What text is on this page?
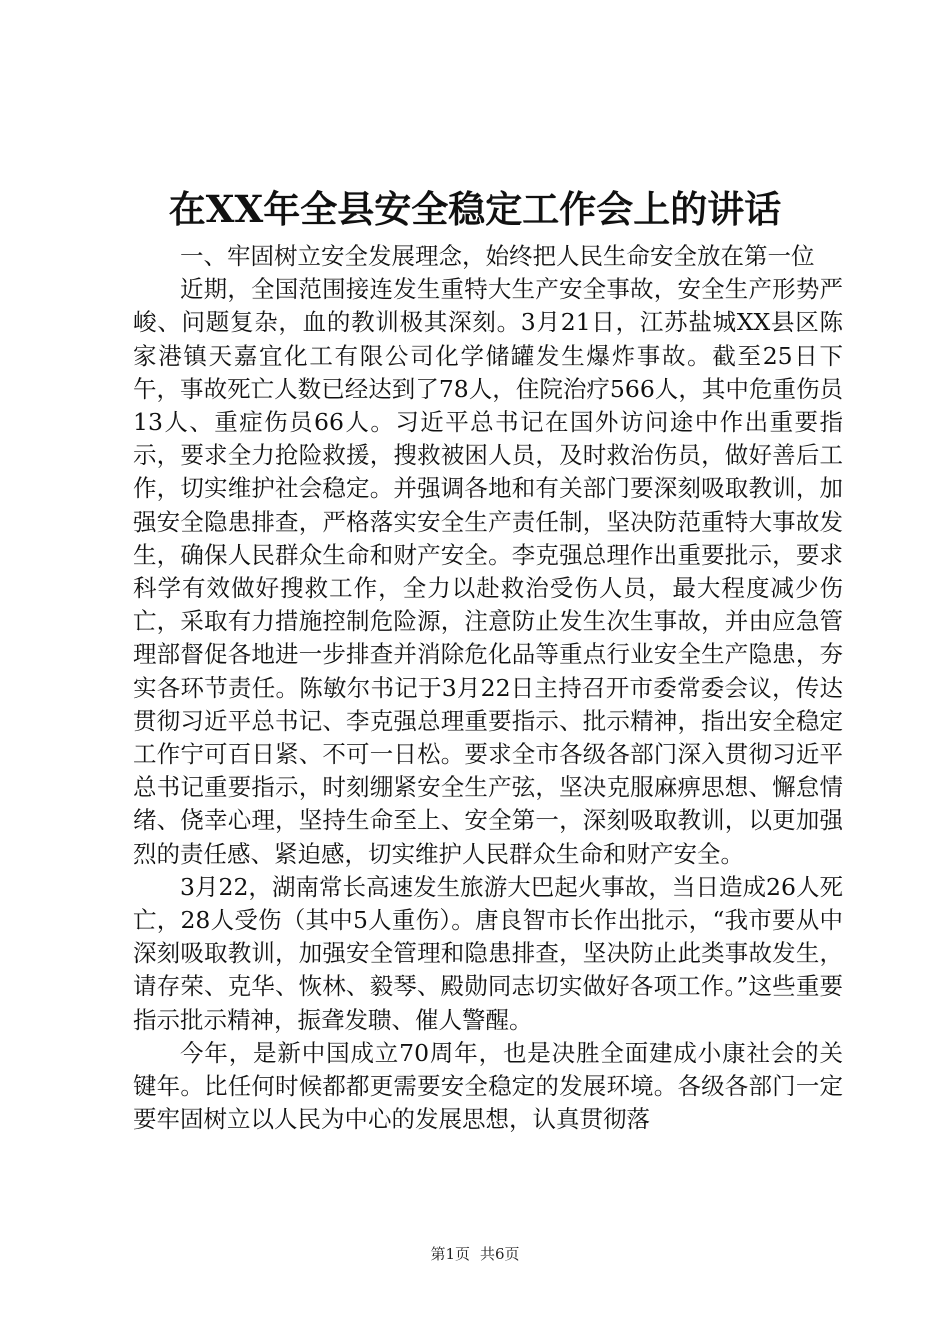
在XX年全县安全稳定工作会上的讲话

一、牢固树立安全发展理念，始终把人民生命安全放在第一位

近期，全国范围接连发生重特大生产安全事故，安全生产形势严峻、问题复杂，血的教训极其深刻。3月21日，江苏盐城XX县区陈家港镇天嘉宜化工有限公司化学储罐发生爆炸事故。截至25日下午，事故死亡人数已经达到了78人，住院治疗566人，其中危重伤员13人、重症伤员66人。习近平总书记在国外访问途中作出重要指示，要求全力抢险救援，搜救被困人员，及时救治伤员，做好善后工作，切实维护社会稳定。并强调各地和有关部门要深刻吸取教训，加强安全隐患排查，严格落实安全生产责任制，坚决防范重特大事故发生，确保人民群众生命和财产安全。李克强总理作出重要批示，要求科学有效做好搜救工作，全力以赴救治受伤人员，最大程度减少伤亡，采取有力措施控制危险源，注意防止发生次生事故，并由应急管理部督促各地进一步排查并消除危化品等重点行业安全生产隐患，夯实各环节责任。陈敏尔书记于3月22日主持召开市委常委会议，传达贯彻习近平总书记、李克强总理重要指示、批示精神，指出安全稳定工作宁可百日紧、不可一日松。要求全市各级各部门深入贯彻习近平总书记重要指示，时刻绷紧安全生产弦，坚决克服麻痹思想、懈怠情绪、侥幸心理，坚持生命至上、安全第一，深刻吸取教训，以更加强烈的责任感、紧迫感，切实维护人民群众生命和财产安全。

3月22，湖南常长高速发生旅游大巴起火事故，当日造成26人死亡，28人受伤（其中5人重伤）。唐良智市长作出批示，“我市要从中深刻吸取教训，加强安全管理和隐患排查，坚决防止此类事故发生，请存荣、克华、恢林、毅琴、殿勋同志切实做好各项工作。”这些重要指示批示精神，振聋发聩、催人警醒。

今年，是新中国成立70周年，也是决胜全面建成小康社会的关键年。比任何时候都都更需要安全稳定的发展环境。各级各部门一定要牢固树立以人民为中心的发展思想，认真贯彻落

第1页 共6页
